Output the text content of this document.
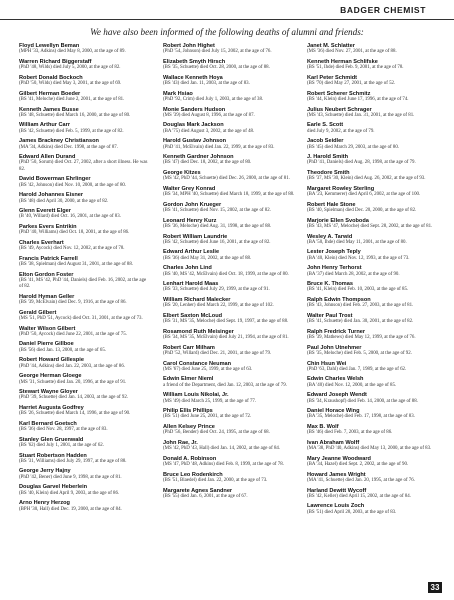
BADGER CHEMIST
We have also been informed of the following deaths of alumni and friends:
Floyd Lewellyn Beman
(MPH '33, Adkins) died May 8, 2000, at the age of 89.
Warren Richard Biggerstaff
(PhD '48, Wilds) died July 5, 2000, at the age of 82.
Robert Donald Bockoch
(PhD '50, Wilds) died May 3, 2001, at the age of 69.
Gilbert Herman Boeder
(BS '41, Meloche) died June 2, 2001, at the age of 81.
Kenneth James Busse
(BS '48, Schuette) died March 16, 2000, at the age of 80.
William Arthur Carr
(BS '42, Schuette) died Feb. 5, 1999, at the age of 82.
James Brackney Christianson
(MA '34, Adkins) died Dec. 1998, at the age of 87.
Edward Allen Durand
(PhD '50, Sorum) died Oct. 27, 2002, after a short illness. He was 82.
David Bowerman Ehrlinger
(BS '42, Johnson) died Nov. 10, 2000, at the age of 80.
Harold Johannes Eisner
(BS '48) died April 30, 2000, at the age of 82.
Glenn Everett Elger
(B '40, Willard) died Oct. 16, 2001, at the age of 83.
Parkes Evers Entrikin
(PhD '40, Williams) died Oct. 18, 2001, at the age of 86.
Charles Everhart
(BS '49, Aycock) died Nov. 12, 2002, at the age of 78.
Francis Patrick Farrell
(BS '38, Spielman) died August 31, 2001, at the age of 88.
Elton Gordon Foster
(BS '41, MS '42, PhD '44, Daniels) died Feb. 16, 2002, at the age of 82.
Harold Hyman Geller
(BS '39, McElvain) died Dec. 9, 1916, at the age of 86.
Gerald Gilbert
(MS '51, PhD '51, Aycock) died Oct. 31, 2001, at the age of 73.
Walter Wilson Gilbert
(PhD '50, Aycock) died June 22, 2001, at the age of 75.
Daniel Pierre Gillboe
(BS '56) died Jan. 13, 2000, at the age of 65.
Robert Howard Gillespie
(PhD '44, Adkins) died Jan. 22, 2003, at the age of 86.
George Herman Gloege
(MS '31, Schuette) died Jan. 20, 1996, at the age of 91.
Stewart Wayne Gloyer
(PhD '39, Schuette) died Jan. 14, 2003, at the age of 92.
Harriet Augusta Godfrey
(BS '26, Schuette) died March 14, 1996, at the age of 90.
Karl Bernard Goetsch
(BS '36) died Nov. 28, 1997, at the age of 83.
Stanley Glen Gruenwald
(BS '62) died July 1, 2001, at the age of 62.
Stuart Robertson Hadden
(BS '31, Williams) died July 29, 1997, at the age of 88.
George Jerry Hajny
(PhD '42, Bener) died June 9, 1998, at the age of 81.
Douglas Garvel Heberlein
(BS '40, Klein) died April 9, 2003, at the age of 86.
Arno Henry Herzog
(BPH '30, Hall) died Dec. 19, 2000, at the age of 84.
Robert John Highet
(PhD '54, Johnson) died July 15, 2002, at the age of 76.
Elizabeth Smyth Hirsch
(BS '35, Schuette) died Oct. 28, 2000, at the age of 88.
Wallace Kenneth Hoya
(BS '43) died Jan. 11, 2003, at the age of 83.
Mark Hsiao
(PhD '92, Crim) died July 1, 2003, at the age of 38.
Monie Sanders Hudson
(MS '39) died August 8, 1996, at the age of 87.
Douglas Mark Jackson
(BA '75) died August 3, 2002, at the age of 48.
Harold Gustav Johnson
(PhD '41, McElvain) died Jan. 22, 1999, at the age of 83.
Kenneth Gardner Johnson
(BS '47) died Dec. 18, 2002, at the age of 80.
George Kitzes
(MS '42, PhD '44, Schuette) died Dec. 26, 2000, at the age of 81.
Walter Grey Konrad
(BS '34, MPH '40, Schuette) died March 18, 1999, at the age of 88.
Gordon John Krueger
(BS '41, Schuette) died Nov. 15, 2002, at the age of 82.
Leonard Henry Kurz
(BS '36, Meloche) died Aug. 31, 1998, at the age of 88.
Robert William Laundrie
(BS '42, Schuette) died June 16, 2001, at the age of 82.
Edward Arthur Leslie
(BS '36) died May 31, 2002, at the age of 88.
Charles John Lind
(BS '40, MS '42, McElvain) died Oct. 18, 1999, at the age of 80.
Lenhart Harold Maas
(BS '33, Schuette) died July 29, 1999, at the age of 91.
William Richard Malecker
(BS '20, Lenher) died March 22, 1999, at the age of 102.
Elbert Saxton McLoud
(BS '31, MS '35, Meloche) died Sept. 19, 1997, at the age of 88.
Rosamond Ruth Meisinger
(BS '34, MS '35, McElvain) died July 21, 1994, at the age of 81.
Robert Carr Milham
(PhD '52, Willard) died Dec. 21, 2001, at the age of 79.
Carol Constance Neuman
(MS '67) died June 25, 1999, at the age of 63.
Edwin Elmer Nieml
a friend of the Department, died Jan. 12, 2003, at the age of 79.
William Louis Nikolai, Jr.
(MS '49) died March 25, 1999, at the age of 77.
Philip Ellis Phillips
(BS '51) died June 25, 2001, at the age of 72.
Allen Kelsey Prince
(PhD '56, Bender) died Oct. 24, 1995, at the age of 68.
John Rae, Jr.
(MS '42, PhD '43, Hall) died Jan. 14, 2002, at the age of 84.
Donald A. Robinson
(MS '47, PhD '48, Adkins) died Feb. 8, 1999, at the age of 78.
Bruce Leo Rodenkirch
(BS '51, Blaedel) died Jan. 22, 2000, at the age of 73.
Margarete Agnes Sandner
(BS '55) died Jan. 6, 2001, at the age of 67.
Janet M. Schlatter
(MS '36) died Nov. 27, 2001, at the age of 88.
Kenneth Herman Schlifske
(BS '51, Ihde) died Feb. 9, 2001, at the age of 78.
Karl Peter Schmidt
(BS '70) died May 27, 2001, at the age of 52.
Robert Scherer Schmitz
(BS '44, Klein) died June 17, 1996, at the age of 74.
Julius Neubert Schrager
(MS '43, Schuette) died Jan. 31, 2001, at the age of 81.
Earle S. Scott
died July 9, 2002, at the age of 79.
Jacob Seidler
(BS '45) died March 29, 2003, at the age of 80.
J. Harold Smith
(PhD '41, Daniels) died Aug. 28, 1998, at the age of 79.
Theodore Smith
(BS '37, MS '30, Klein) died Aug. 26, 2002, at the age of 93.
Margaret Rowley Sterling
(BA '23, Kemmerer) died April 6, 2002, at the age of 100.
Robert Hale Stone
(BS '40, Spielman) died Dec. 20, 2000, at the age of 82.
Marjorie Ellen Svoboda
(BS '43, MS '47, Meloche) died Sept. 28, 2002, at the age of 81.
Wesley A. Tarwid
(BA '50, Ihde) died May 11, 2001, at the age of 80.
Lester Joseph Teply
(BA '40, Klein) died Nov. 12, 1993, at the age of 73.
John Henry Terhorst
(BA '37) died March 28, 2002, at the age of 90.
Bruce K. Thomas
(BS '41, Klein) died Feb. 10, 2003, at the age of 85.
Ralph Edwin Thompson
(BS '43, Johnson) died Feb. 27, 2003, at the age of 81.
Walter Paul Trost
(BS '41, Schuette) died Jan. 30, 2001, at the age of 82.
Ralph Fredrick Turner
(BS '39, Mathews) died May 12, 1999, at the age of 76.
Paul John Utnehmer
(BS '35, Meloche) died Feb. 5, 2000, at the age of 92.
Chin Hsun Wei
(PhD '63, Dahl) died Jan. 7, 1989, at the age of 62.
Edwin Charles Welsh
(BA '40) died Nov. 12, 2000, at the age of 85.
Edward Joseph Wendt
(BS '34, Kraushopf) died Feb. 14, 2000, at the age of 88.
Daniel Horace Wing
(BA '35, Meloche) died Feb. 17, 1998, at the age of 83.
Max B. Wolf
(BS '46) died Feb. 7, 2003, at the age of 86.
Ivan Abraham Wolff
(MA '38, PhD '40, Adkins) died May 13, 2000, at the age of 83.
Mary Jeanne Woodward
(BA '34, Hazel) died Sept. 2, 2002, at the age of 90.
Howard James Wright
(MA '41, Schuette) died Jan. 20, 1995, at the age of 76.
Harland Dewitt Wycoff
(BS '42, Keller) died April 15, 2002, at the age of 84.
Lawrence Louis Zoch
(BS '51) died April 28, 2003, at the age of 83.
33
